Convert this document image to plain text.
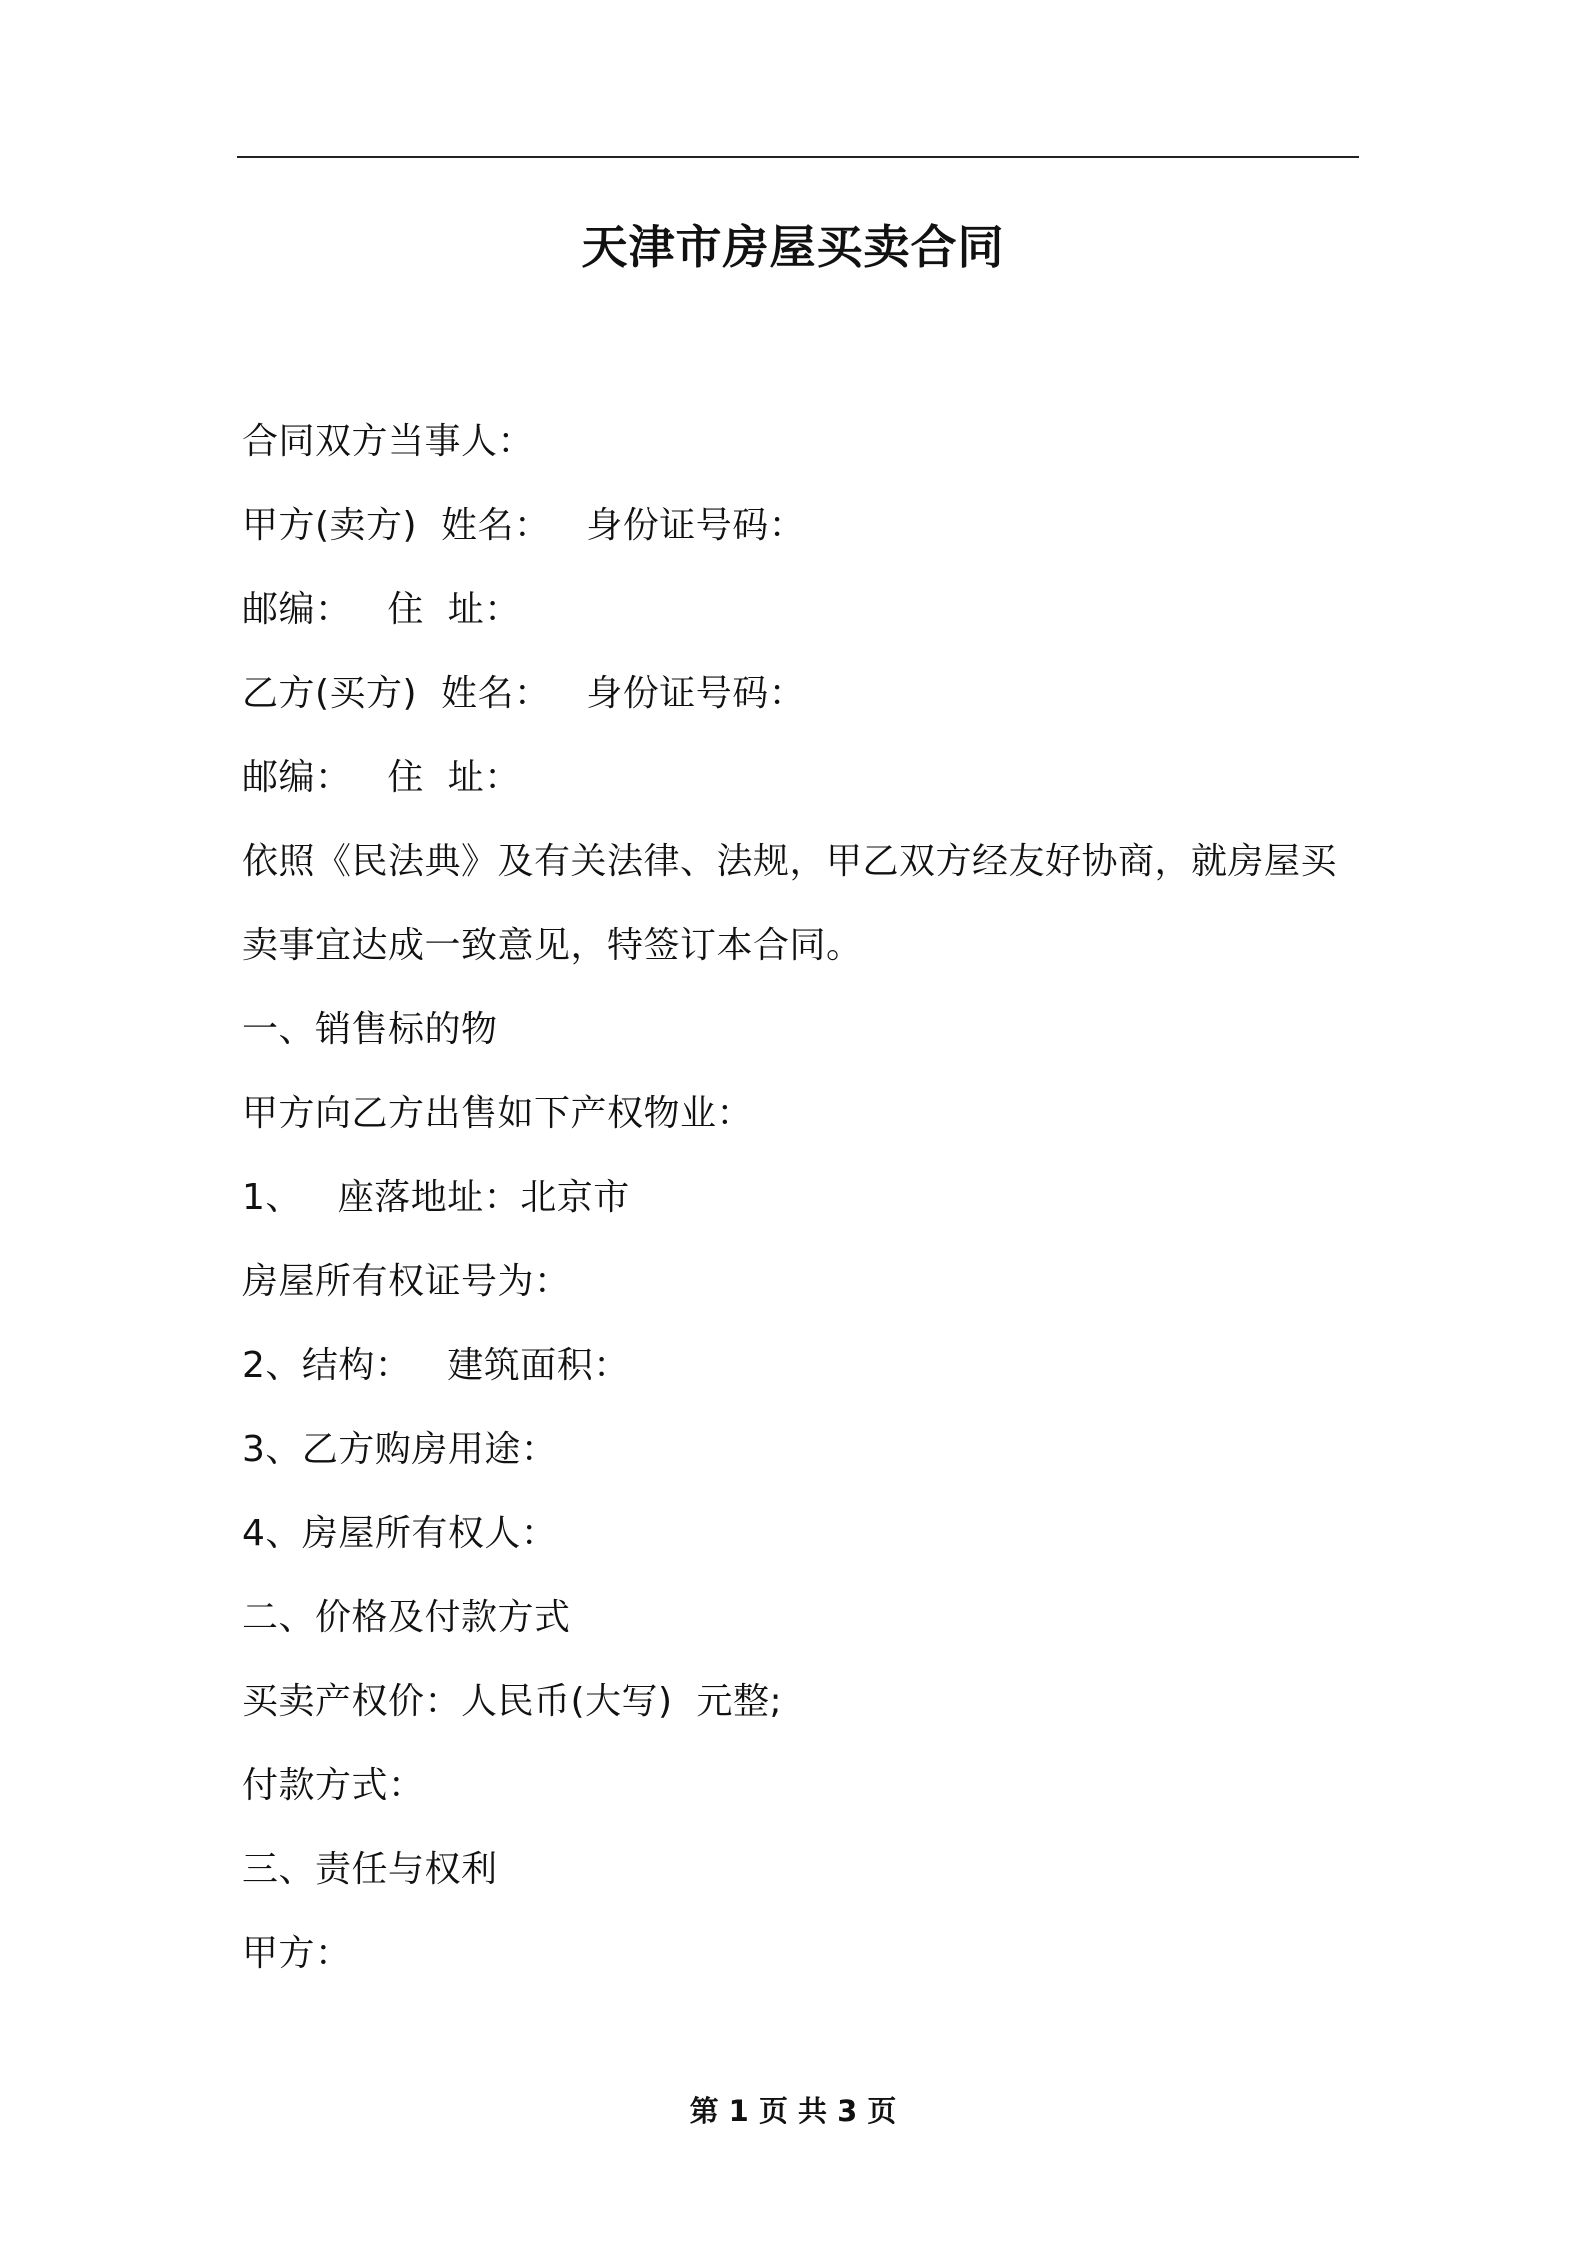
天津市房屋买卖合同
合同双方当事人：
甲方(卖方)  姓名：   身份证号码：
邮编：   住  址：
乙方(买方)  姓名：   身份证号码：
邮编：   住  址：
依照《民法典》及有关法律、法规，甲乙双方经友好协商，就房屋买
卖事宜达成一致意见，特签订本合同。
一、销售标的物
甲方向乙方出售如下产权物业：
1、   座落地址：北京市
房屋所有权证号为：
2、结构：   建筑面积：
3、乙方购房用途：
4、房屋所有权人：
二、价格及付款方式
买卖产权价：人民币(大写)  元整;
付款方式：
三、责任与权利
甲方：
第 1 页 共 3 页
